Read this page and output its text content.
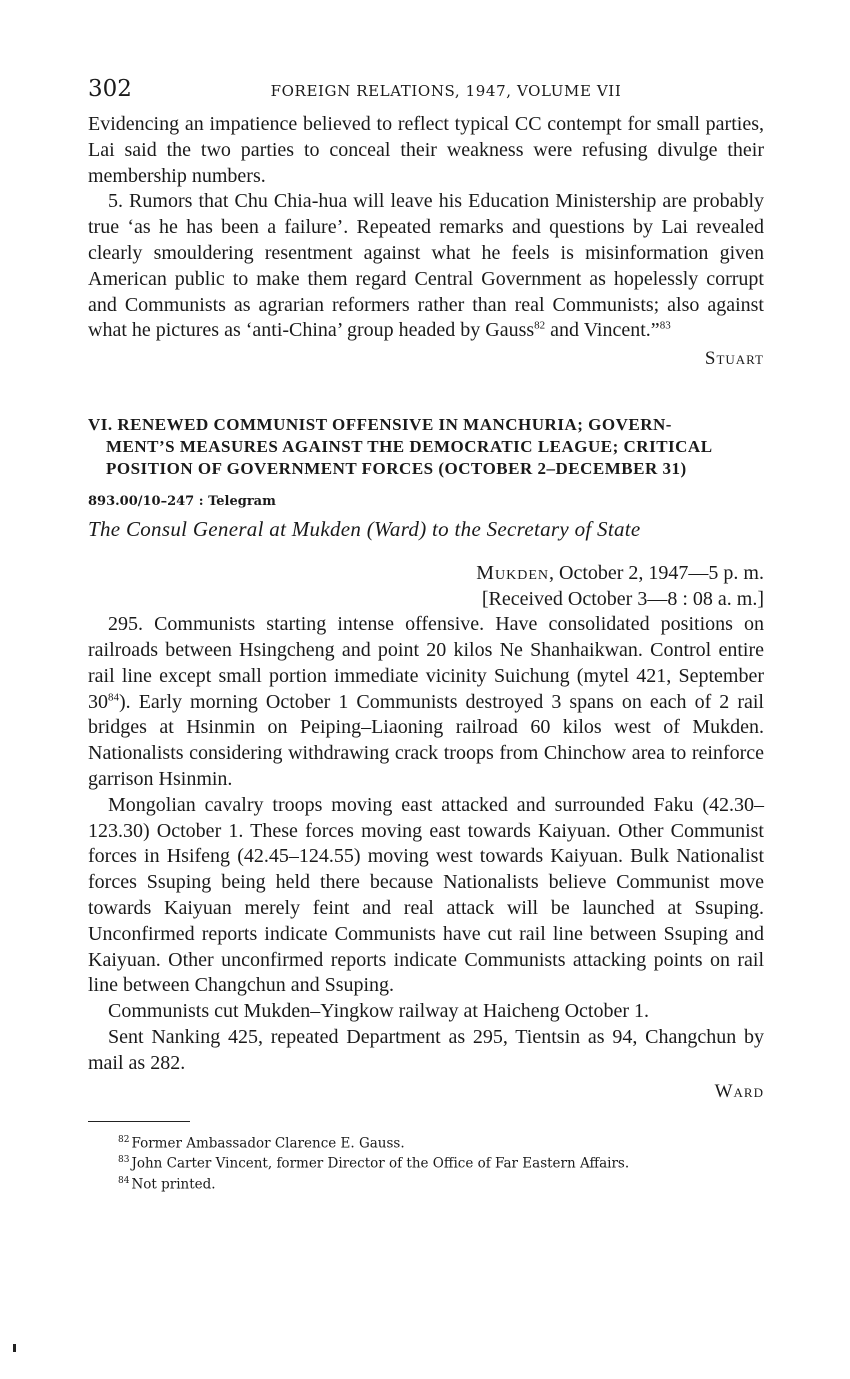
302	FOREIGN RELATIONS, 1947, VOLUME VII

Evidencing an impatience believed to reflect typical CC contempt for small parties, Lai said the two parties to conceal their weakness were refusing divulge their membership numbers.

5. Rumors that Chu Chia-hua will leave his Education Ministership are probably true ‘as he has been a failure’. Repeated remarks and questions by Lai revealed clearly smouldering resentment against what he feels is misinformation given American public to make them regard Central Government as hopelessly corrupt and Communists as agrarian reformers rather than real Communists; also against what he pictures as ‘anti-China’ group headed by Gauss$^{82}$ and Vincent.”$^{83}$

Stuart
VI. RENEWED COMMUNIST OFFENSIVE IN MANCHURIA; GOVERN-
MENT’S MEASURES AGAINST THE DEMOCRATIC LEAGUE; CRITICAL
POSITION OF GOVERNMENT FORCES (OCTOBER 2–DECEMBER 31)
893.00/10–247 : Telegram
The Consul General at Mukden (Ward) to the Secretary of State
Mukden, October 2, 1947—5 p. m.
[Received October 3—8 : 08 a. m.]

295. Communists starting intense offensive. Have consolidated positions on railroads between Hsingcheng and point 20 kilos Ne Shanhaikwan. Control entire rail line except small portion immediate vicinity Suichung (mytel 421, September $30^{84}$). Early morning October 1 Communists destroyed 3 spans on each of 2 rail bridges at Hsinmin on Peiping–Liaoning railroad 60 kilos west of Mukden. Nationalists considering withdrawing crack troops from Chinchow area to reinforce garrison Hsinmin.

Mongolian cavalry troops moving east attacked and surrounded Faku (42.30–123.30) October 1. These forces moving east towards Kaiyuan. Other Communist forces in Hsifeng (42.45–124.55) moving west towards Kaiyuan. Bulk Nationalist forces Ssuping being held there because Nationalists believe Communist move towards Kaiyuan merely feint and real attack will be launched at Ssuping. Unconfirmed reports indicate Communists have cut rail line between Ssuping and Kaiyuan. Other unconfirmed reports indicate Communists attacking points on rail line between Changchun and Ssuping.

Communists cut Mukden–Yingkow railway at Haicheng October 1.

Sent Nanking 425, repeated Department as 295, Tientsin as 94, Changchun by mail as 282.

Ward
$^{82}$ Former Ambassador Clarence E. Gauss.
$^{83}$ John Carter Vincent, former Director of the Office of Far Eastern Affairs.
$^{84}$ Not printed.
